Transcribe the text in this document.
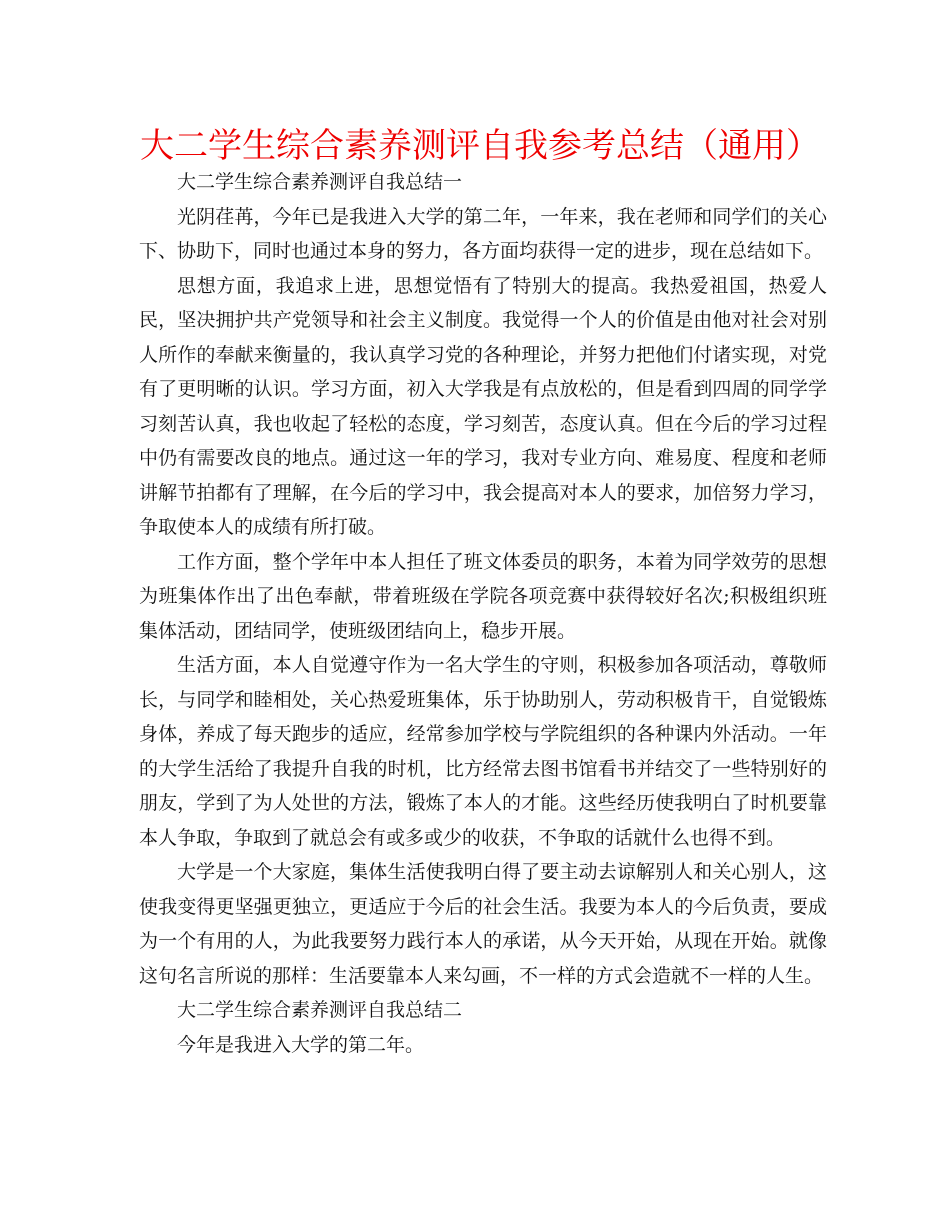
大二学生综合素养测评自我参考总结（通用）

大二学生综合素养测评自我总结一

光阴荏苒，今年已是我进入大学的第二年，一年来，我在老师和同学们的关心下、协助下，同时也通过本身的努力，各方面均获得一定的进步，现在总结如下。

思想方面，我追求上进，思想觉悟有了特别大的提高。我热爱祖国，热爱人民，坚决拥护共产党领导和社会主义制度。我觉得一个人的价值是由他对社会对别人所作的奉献来衡量的，我认真学习党的各种理论，并努力把他们付诸实现，对党有了更明晰的认识。学习方面，初入大学我是有点放松的，但是看到四周的同学学习刻苦认真，我也收起了轻松的态度，学习刻苦，态度认真。但在今后的学习过程中仍有需要改良的地点。通过这一年的学习，我对专业方向、难易度、程度和老师讲解节拍都有了理解，在今后的学习中，我会提高对本人的要求，加倍努力学习，争取使本人的成绩有所打破。

工作方面，整个学年中本人担任了班文体委员的职务，本着为同学效劳的思想为班集体作出了出色奉献，带着班级在学院各项竞赛中获得较好名次;积极组织班集体活动，团结同学，使班级团结向上，稳步开展。

生活方面，本人自觉遵守作为一名大学生的守则，积极参加各项活动，尊敬师长，与同学和睦相处，关心热爱班集体，乐于协助别人，劳动积极肯干，自觉锻炼身体，养成了每天跑步的适应，经常参加学校与学院组织的各种课内外活动。一年的大学生活给了我提升自我的时机，比方经常去图书馆看书并结交了一些特别好的朋友，学到了为人处世的方法，锻炼了本人的才能。这些经历使我明白了时机要靠本人争取，争取到了就总会有或多或少的收获，不争取的话就什么也得不到。

大学是一个大家庭，集体生活使我明白得了要主动去谅解别人和关心别人，这使我变得更坚强更独立，更适应于今后的社会生活。我要为本人的今后负责，要成为一个有用的人，为此我要努力践行本人的承诺，从今天开始，从现在开始。就像这句名言所说的那样：生活要靠本人来勾画，不一样的方式会造就不一样的人生。

大二学生综合素养测评自我总结二

今年是我进入大学的第二年。
